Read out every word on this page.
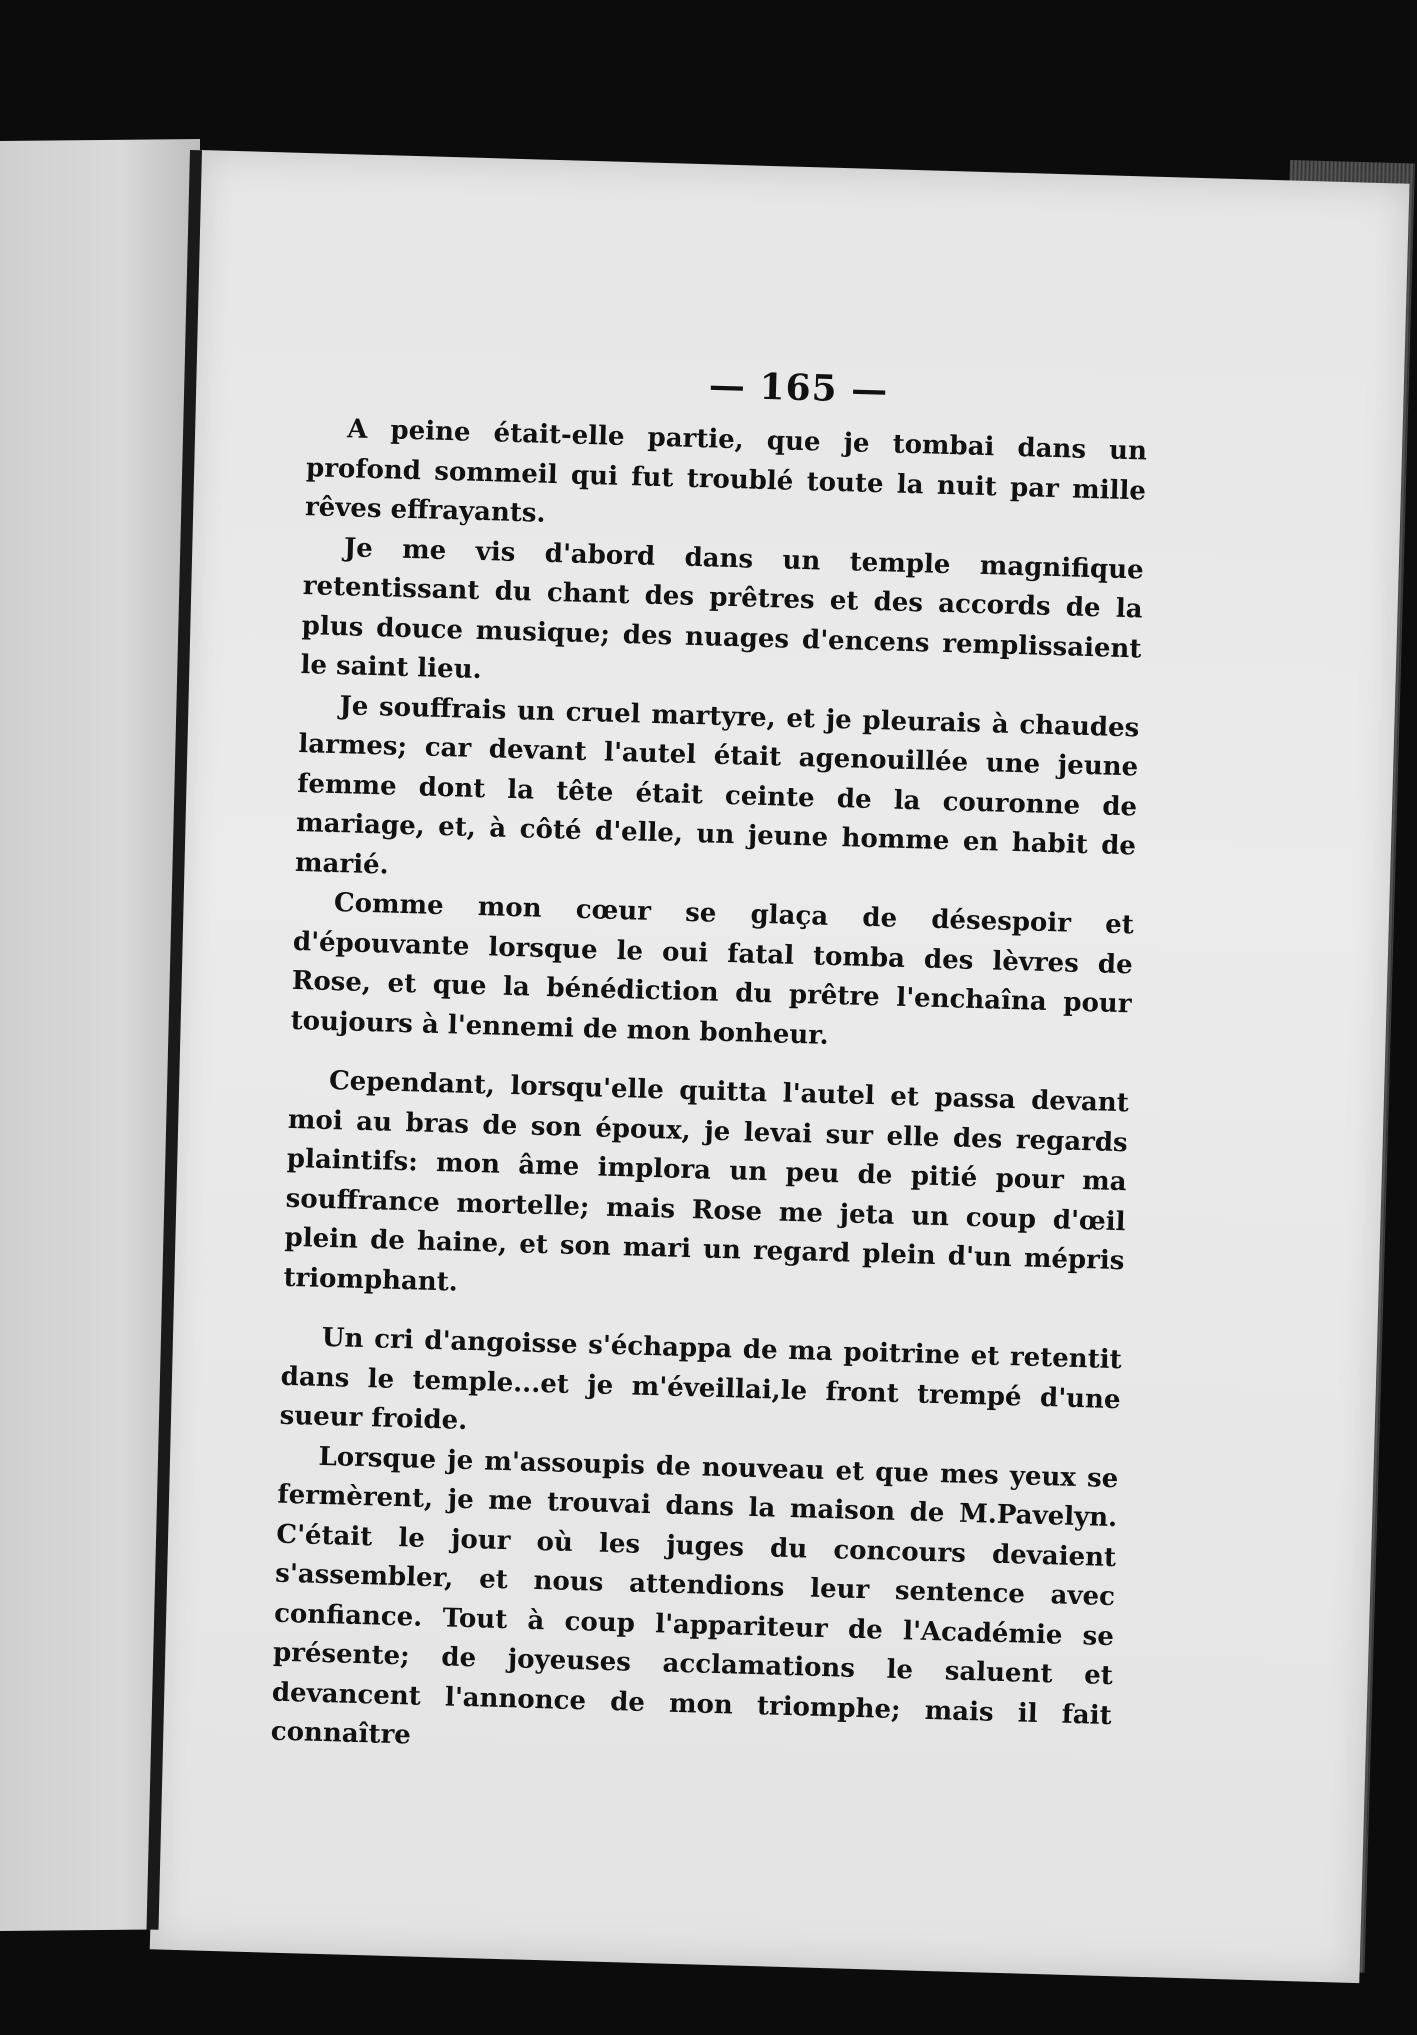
— 165 —

A peine était-elle partie, que je tombai dans un profond sommeil qui fut troublé toute la nuit par mille rêves effrayants.

Je me vis d'abord dans un temple magnifique retentissant du chant des prêtres et des accords de la plus douce musique; des nuages d'encens remplissaient le saint lieu.

Je souffrais un cruel martyre, et je pleurais à chaudes larmes; car devant l'autel était agenouillée une jeune femme dont la tête était ceinte de la couronne de mariage, et, à côté d'elle, un jeune homme en habit de marié.

Comme mon cœur se glaça de désespoir et d'épouvante lorsque le oui fatal tomba des lèvres de Rose, et que la bénédiction du prêtre l'enchaîna pour toujours à l'ennemi de mon bonheur.

Cependant, lorsqu'elle quitta l'autel et passa devant moi au bras de son époux, je levai sur elle des regards plaintifs: mon âme implora un peu de pitié pour ma souffrance mortelle; mais Rose me jeta un coup d'œil plein de haine, et son mari un regard plein d'un mépris triomphant.

Un cri d'angoisse s'échappa de ma poitrine et retentit dans le temple...et je m'éveillai,le front trempé d'une sueur froide.

Lorsque je m'assoupis de nouveau et que mes yeux se fermèrent, je me trouvai dans la maison de M.Pavelyn. C'était le jour où les juges du concours devaient s'assembler, et nous attendions leur sentence avec confiance. Tout à coup l'appariteur de l'Académie se présente; de joyeuses acclamations le saluent et devancent l'annonce de mon triomphe; mais il fait connaître
